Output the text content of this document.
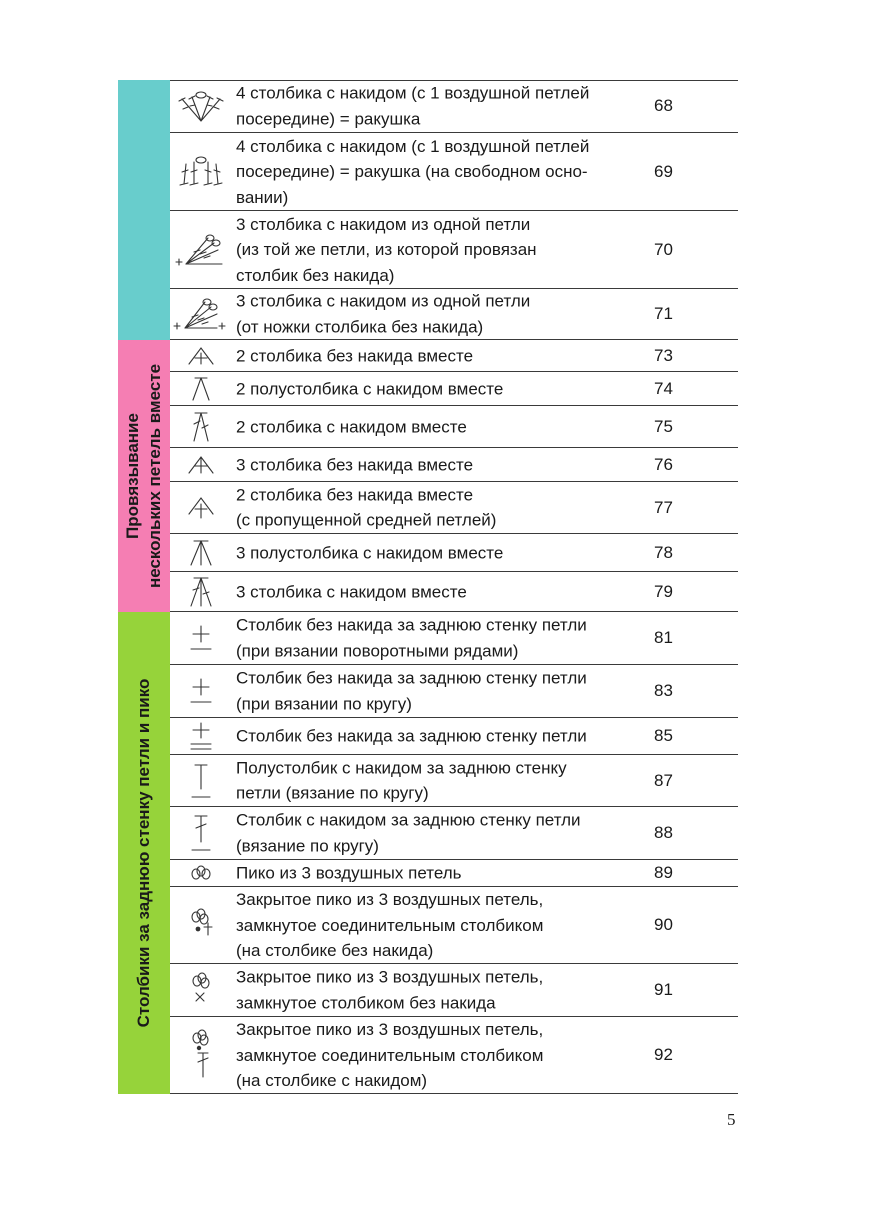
4 столбика с накидом (с 1 воздушной петлей
посередине) = ракушка
68
4 столбика с накидом (с 1 воздушной петлей
посередине) = ракушка (на свободном осно-
вании)
69
3 столбика с накидом из одной петли
(из той же петли, из которой провязан
столбик без накида)
70
3 столбика с накидом из одной петли
(от ножки столбика без накида)
71
Провязывание нескольких петель вместе
2 столбика без накида вместе	73
2 полустолбика с накидом вместе	74
2 столбика с накидом вместе	75
3 столбика без накида вместе	76
2 столбика без накида вместе
(с пропущенной средней петлей)
77
3 полустолбика с накидом вместе	78
3 столбика с накидом вместе	79
Столбики за заднюю стенку петли и пико
Столбик без накида за заднюю стенку петли
(при вязании поворотными рядами)
81
Столбик без накида за заднюю стенку петли
(при вязании по кругу)
83
Столбик без накида за заднюю стенку петли	85
Полустолбик с накидом за заднюю стенку
петли (вязание по кругу)
87
Столбик с накидом за заднюю стенку петли
(вязание по кругу)
88
Пико из 3 воздушных петель	89
Закрытое пико из 3 воздушных петель,
замкнутое соединительным столбиком
(на столбике без накида)
90
Закрытое пико из 3 воздушных петель,
замкнутое столбиком без накида
91
Закрытое пико из 3 воздушных петель,
замкнутое соединительным столбиком
(на столбике с накидом)
92
5
